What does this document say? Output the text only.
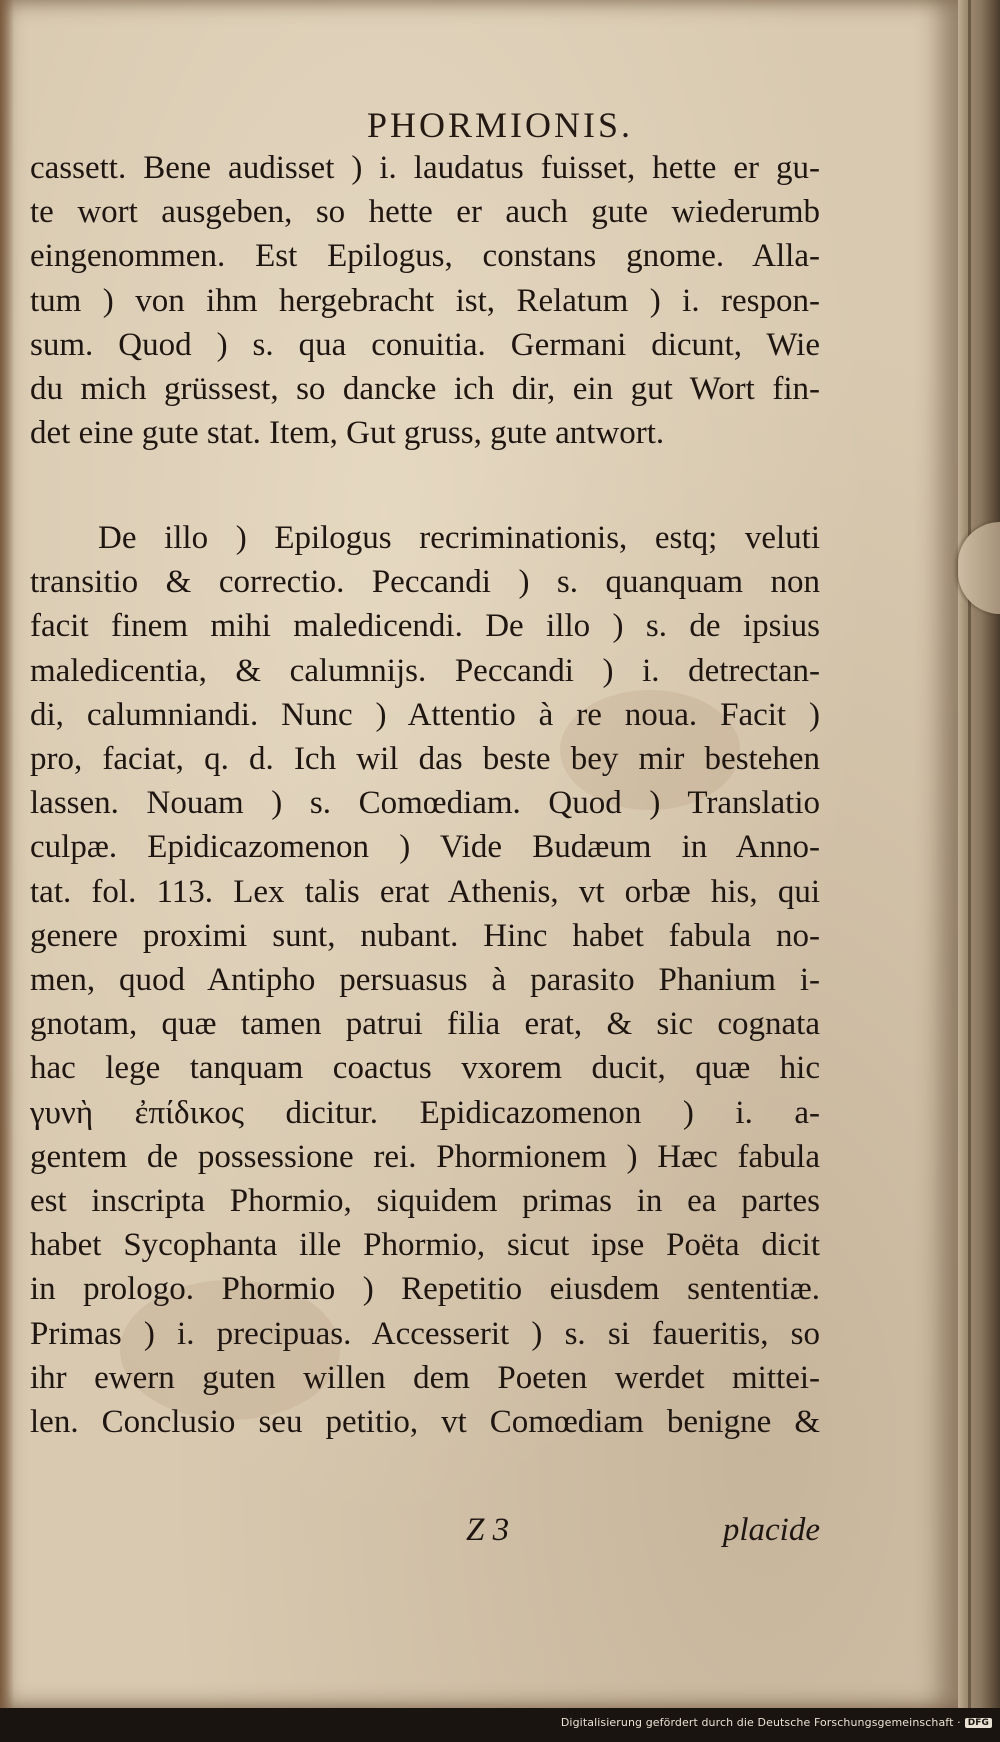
PHORMIONIS.
cassett. Bene audisset ) i. laudatus fuisset, hette er gu-
te wort ausgeben, so hette er auch gute wiederumb
eingenommen. Est Epilogus, constans gnome. Alla-
tum ) von ihm hergebracht ist, Relatum ) i. respon-
sum. Quod ) s. qua conuitia. Germani dicunt, Wie
du mich grüssest, so dancke ich dir, ein gut Wort fin-
det eine gute stat. Item, Gut gruss, gute antwort.
De illo ) Epilogus recriminationis, estq; veluti
transitio & correctio. Peccandi ) s. quanquam non
facit finem mihi maledicendi. De illo ) s. de ipsius
maledicentia, & calumnijs. Peccandi ) i. detrectan-
di, calumniandi. Nunc ) Attentio à re noua. Facit )
pro, faciat, q. d. Ich wil das beste bey mir bestehen
lassen. Nouam ) s. Comœdiam. Quod ) Translatio
culpæ. Epidicazomenon ) Vide Budæum in Anno-
tat. fol. 113. Lex talis erat Athenis, vt orbæ his, qui
genere proximi sunt, nubant. Hinc habet fabula no-
men, quod Antipho persuasus à parasito Phanium i-
gnotam, quæ tamen patrui filia erat, & sic cognata
hac lege tanquam coactus vxorem ducit, quæ hic
γυνὴ ἐπίδικος dicitur. Epidicazomenon ) i. a-
gentem de possessione rei. Phormionem ) Hæc fabula
est inscripta Phormio, siquidem primas in ea partes
habet Sycophanta ille Phormio, sicut ipse Poëta dicit
in prologo. Phormio ) Repetitio eiusdem sententiæ.
Primas ) i. precipuas. Accesserit ) s. si faueritis, so
ihr ewern guten willen dem Poeten werdet mittei-
len. Conclusio seu petitio, vt Comœdiam benigne &
Z 3	placide
Digitalisierung gefördert durch die Deutsche Forschungsgemeinschaft · DFG
